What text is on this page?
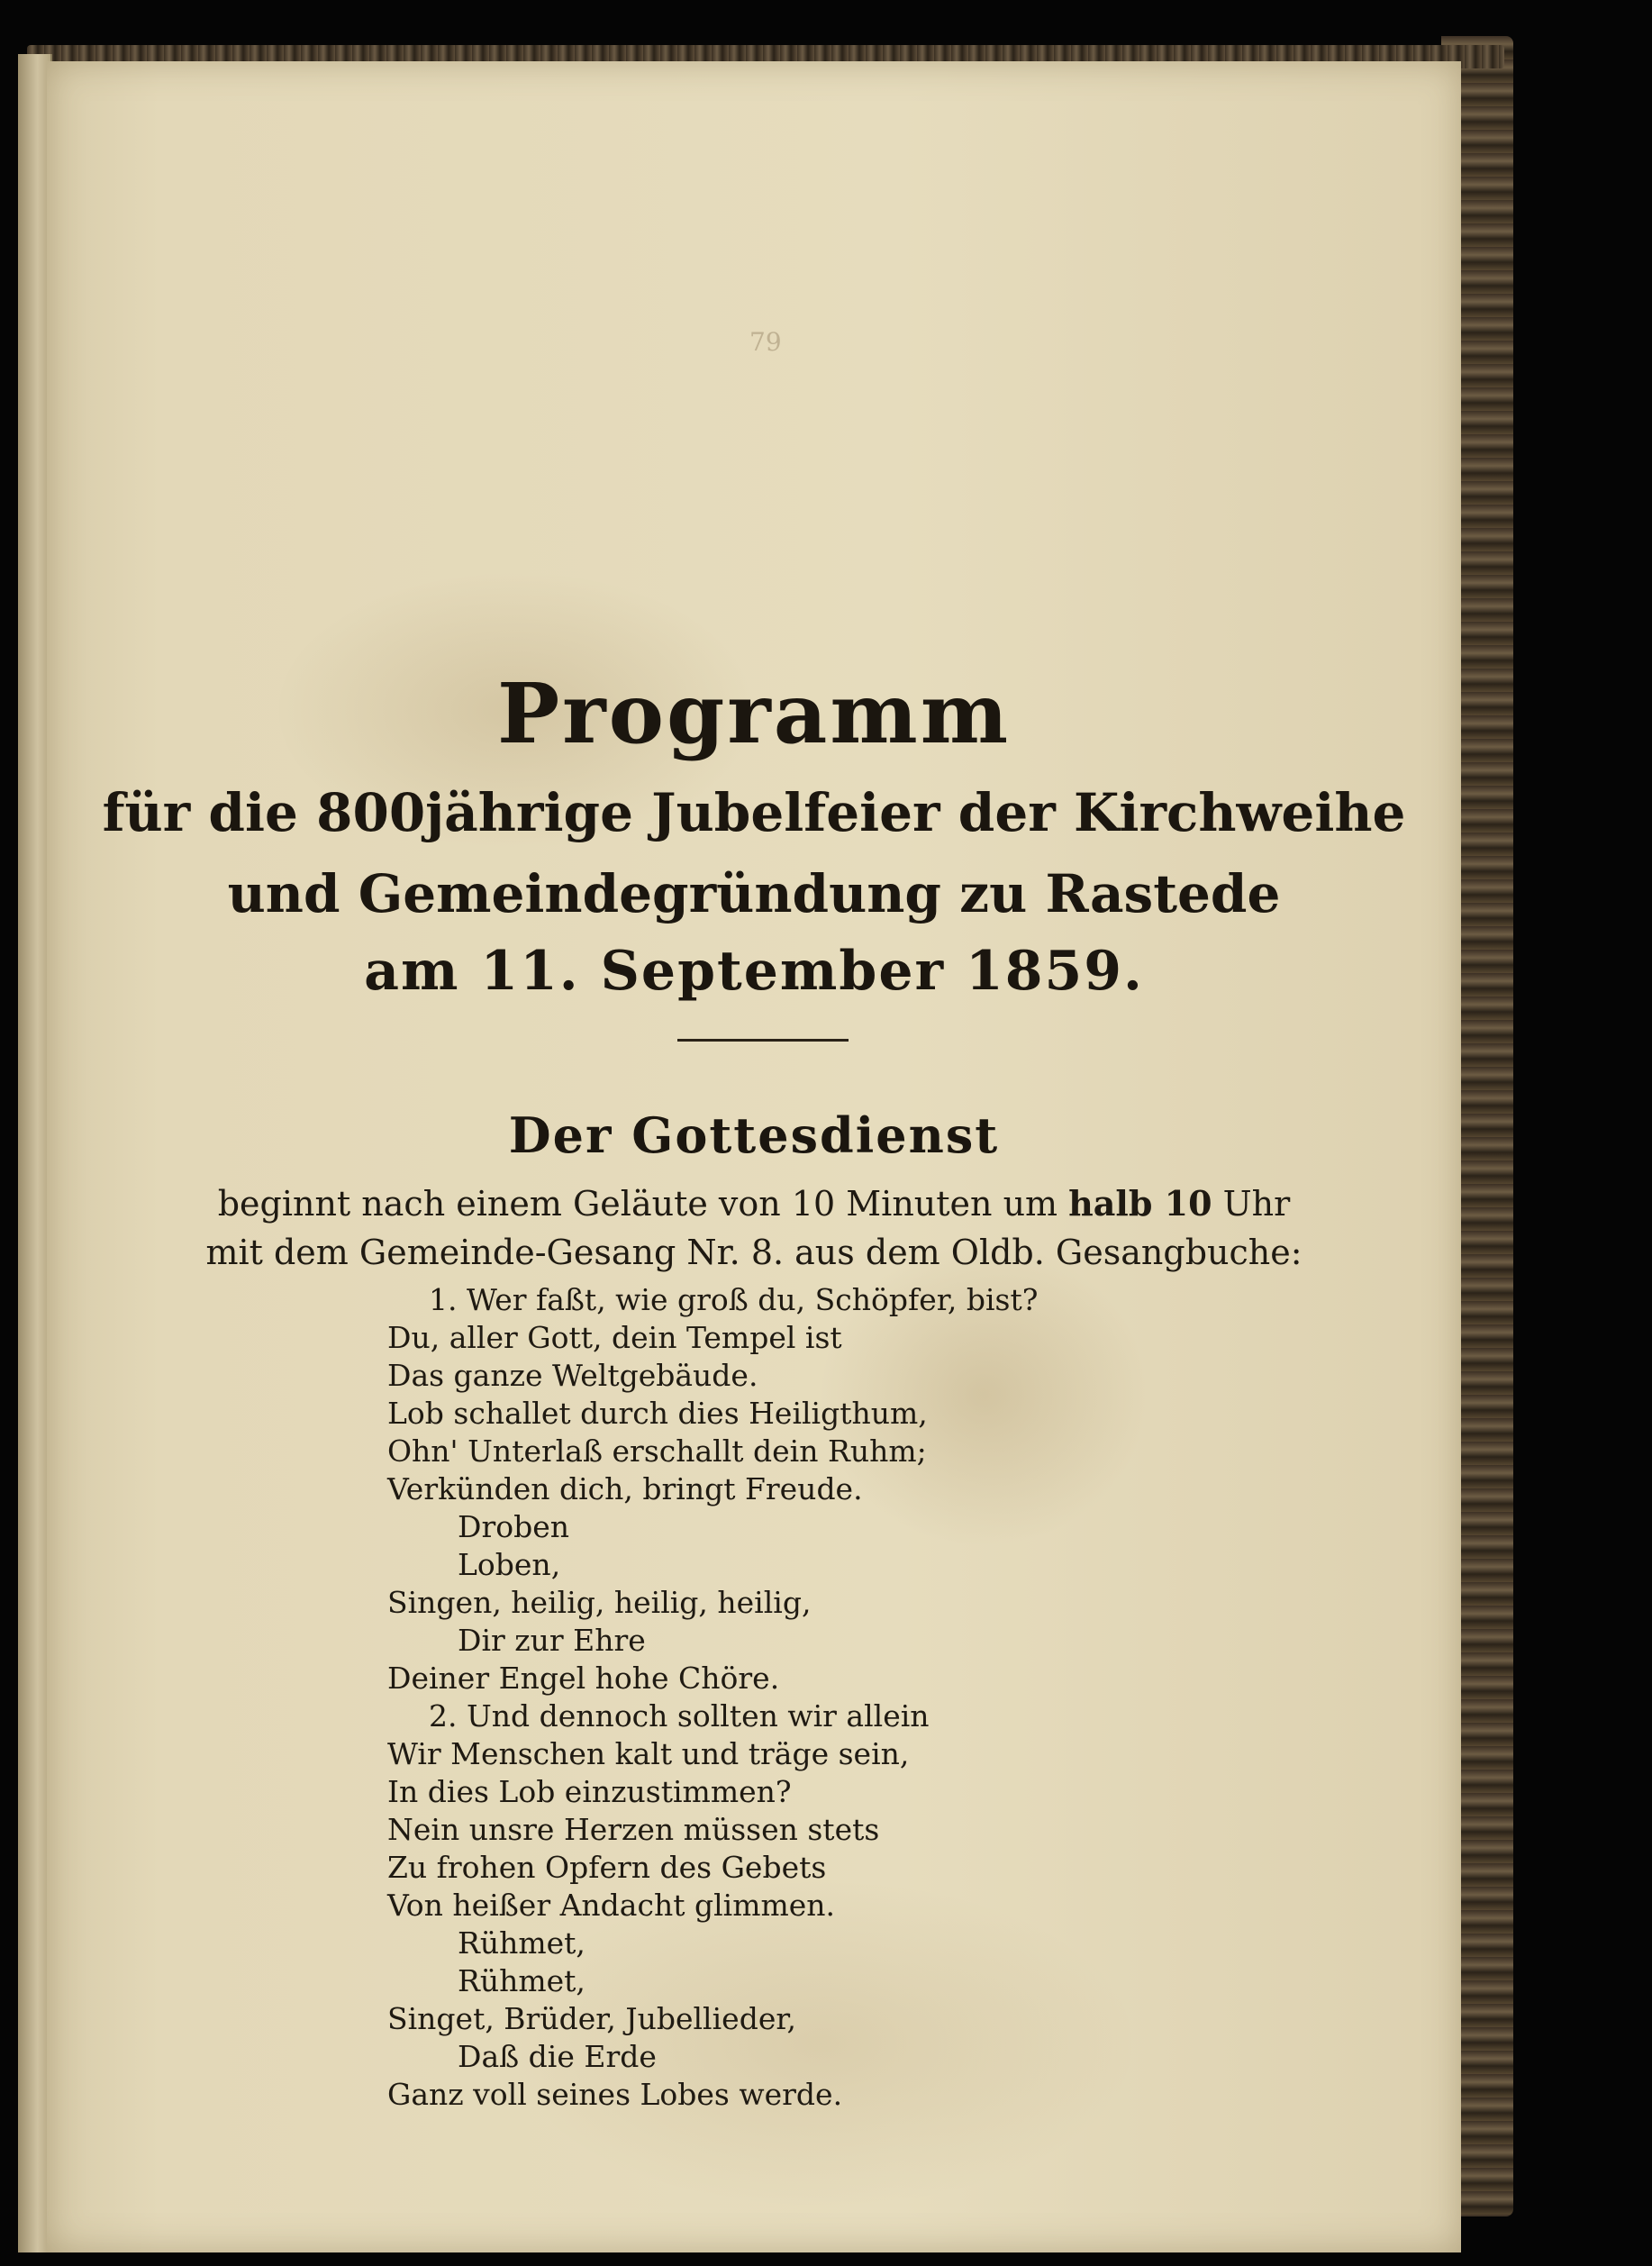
79
Programm
für die 800jährige Jubelfeier der Kirchweihe
und Gemeindegründung zu Rastede
am 11. September 1859.
Der Gottesdienst
beginnt nach einem Geläute von 10 Minuten um halb 10 Uhr
mit dem Gemeinde-Gesang Nr. 8. aus dem Oldb. Gesangbuche:
1. Wer faßt, wie groß du, Schöpfer, bist?
Du, aller Gott, dein Tempel ist
Das ganze Weltgebäude.
Lob schallet durch dies Heiligthum,
Ohn' Unterlaß erschallt dein Ruhm;
Verkünden dich, bringt Freude.
Droben
Loben,
Singen, heilig, heilig, heilig,
Dir zur Ehre
Deiner Engel hohe Chöre.
2. Und dennoch sollten wir allein
Wir Menschen kalt und träge sein,
In dies Lob einzustimmen?
Nein unsre Herzen müssen stets
Zu frohen Opfern des Gebets
Von heißer Andacht glimmen.
Rühmet,
Rühmet,
Singet, Brüder, Jubellieder,
Daß die Erde
Ganz voll seines Lobes werde.
